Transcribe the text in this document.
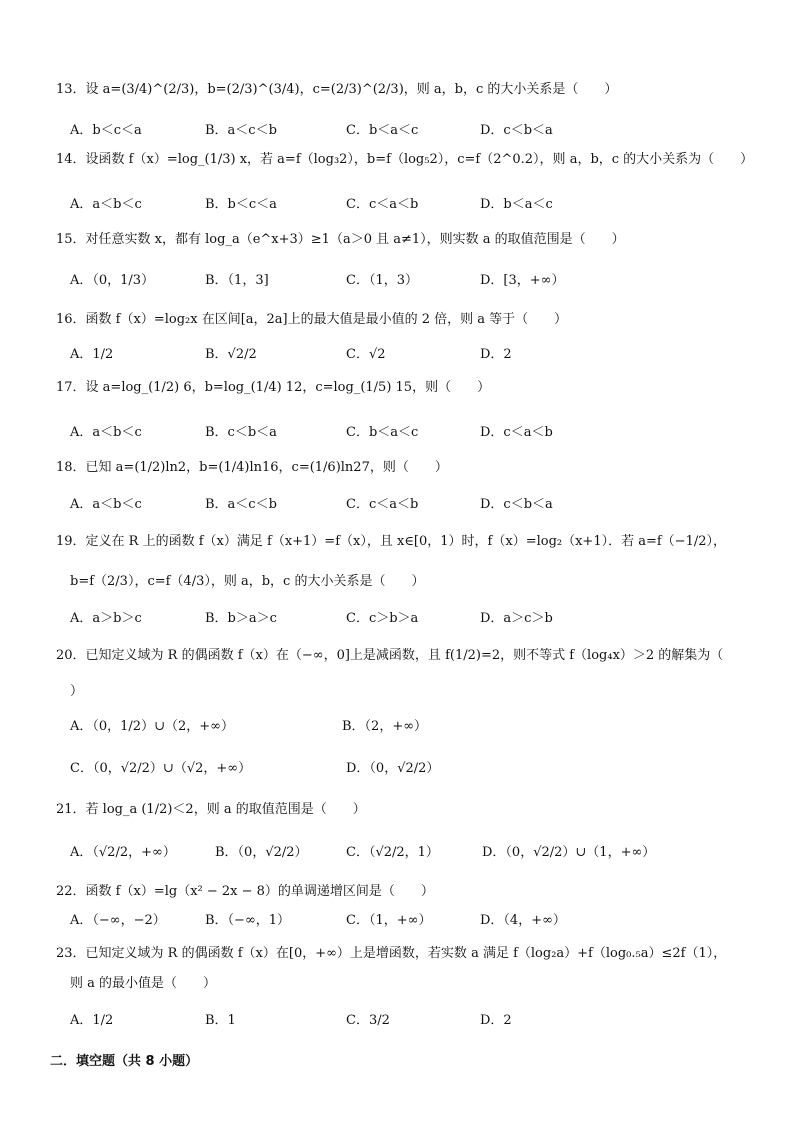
13．设 a=(3/4)^(2/3)，b=(2/3)^(3/4)，c=(2/3)^(2/3)，则 a，b，c 的大小关系是（　　）
A．b＜c＜a	B．a＜c＜b	C．b＜a＜c	D．c＜b＜a
14．设函数 f（x）=log_(1/3) x，若 a=f（log₃2），b=f（log₅2），c=f（2^0.2），则 a，b，c 的大小关系为（　　）
A．a＜b＜c	B．b＜c＜a	C．c＜a＜b	D．b＜a＜c
15．对任意实数 x，都有 log_a（e^x+3）≥1（a＞0 且 a≠1），则实数 a 的取值范围是（　　）
A．（0，1/3）	B．（1，3]	C．（1，3）	D．[3，+∞）
16．函数 f（x）=log₂x 在区间[a，2a]上的最大值是最小值的 2 倍，则 a 等于（　　）
A．1/2	B．√2/2	C．√2	D．2
17．设 a=log_(1/2) 6，b=log_(1/4) 12，c=log_(1/5) 15，则（　　）
A．a＜b＜c	B．c＜b＜a	C．b＜a＜c	D．c＜a＜b
18．已知 a=(1/2)ln2，b=(1/4)ln16，c=(1/6)ln27，则（　　）
A．a＜b＜c	B．a＜c＜b	C．c＜a＜b	D．c＜b＜a
19．定义在 R 上的函数 f（x）满足 f（x+1）=f（x），且 x∈[0，1）时，f（x）=log₂（x+1）．若 a=f（−1/2），
b=f（2/3），c=f（4/3），则 a，b，c 的大小关系是（　　）
A．a＞b＞c	B．b＞a＞c	C．c＞b＞a	D．a＞c＞b
20．已知定义域为 R 的偶函数 f（x）在（−∞，0]上是减函数，且 f(1/2)=2，则不等式 f（log₄x）＞2 的解集为（
）
A．（0，1/2）∪（2，+∞）	B．（2，+∞）
C．（0，√2/2）∪（√2，+∞）	D．（0，√2/2）
21．若 log_a (1/2)＜2，则 a 的取值范围是（　　）
A．（√2/2，+∞）	B．（0，√2/2）	C．（√2/2，1）	D．（0，√2/2）∪（1，+∞）
22．函数 f（x）=lg（x² − 2x − 8）的单调递增区间是（　　）
A．（−∞，−2）	B．（−∞，1）	C．（1，+∞）	D．（4，+∞）
23．已知定义域为 R 的偶函数 f（x）在[0，+∞）上是增函数，若实数 a 满足 f（log₂a）+f（log₀.₅a）≤2f（1），
则 a 的最小值是（　　）
A．1/2	B．1	C．3/2	D．2
二．填空题（共 8 小题）
